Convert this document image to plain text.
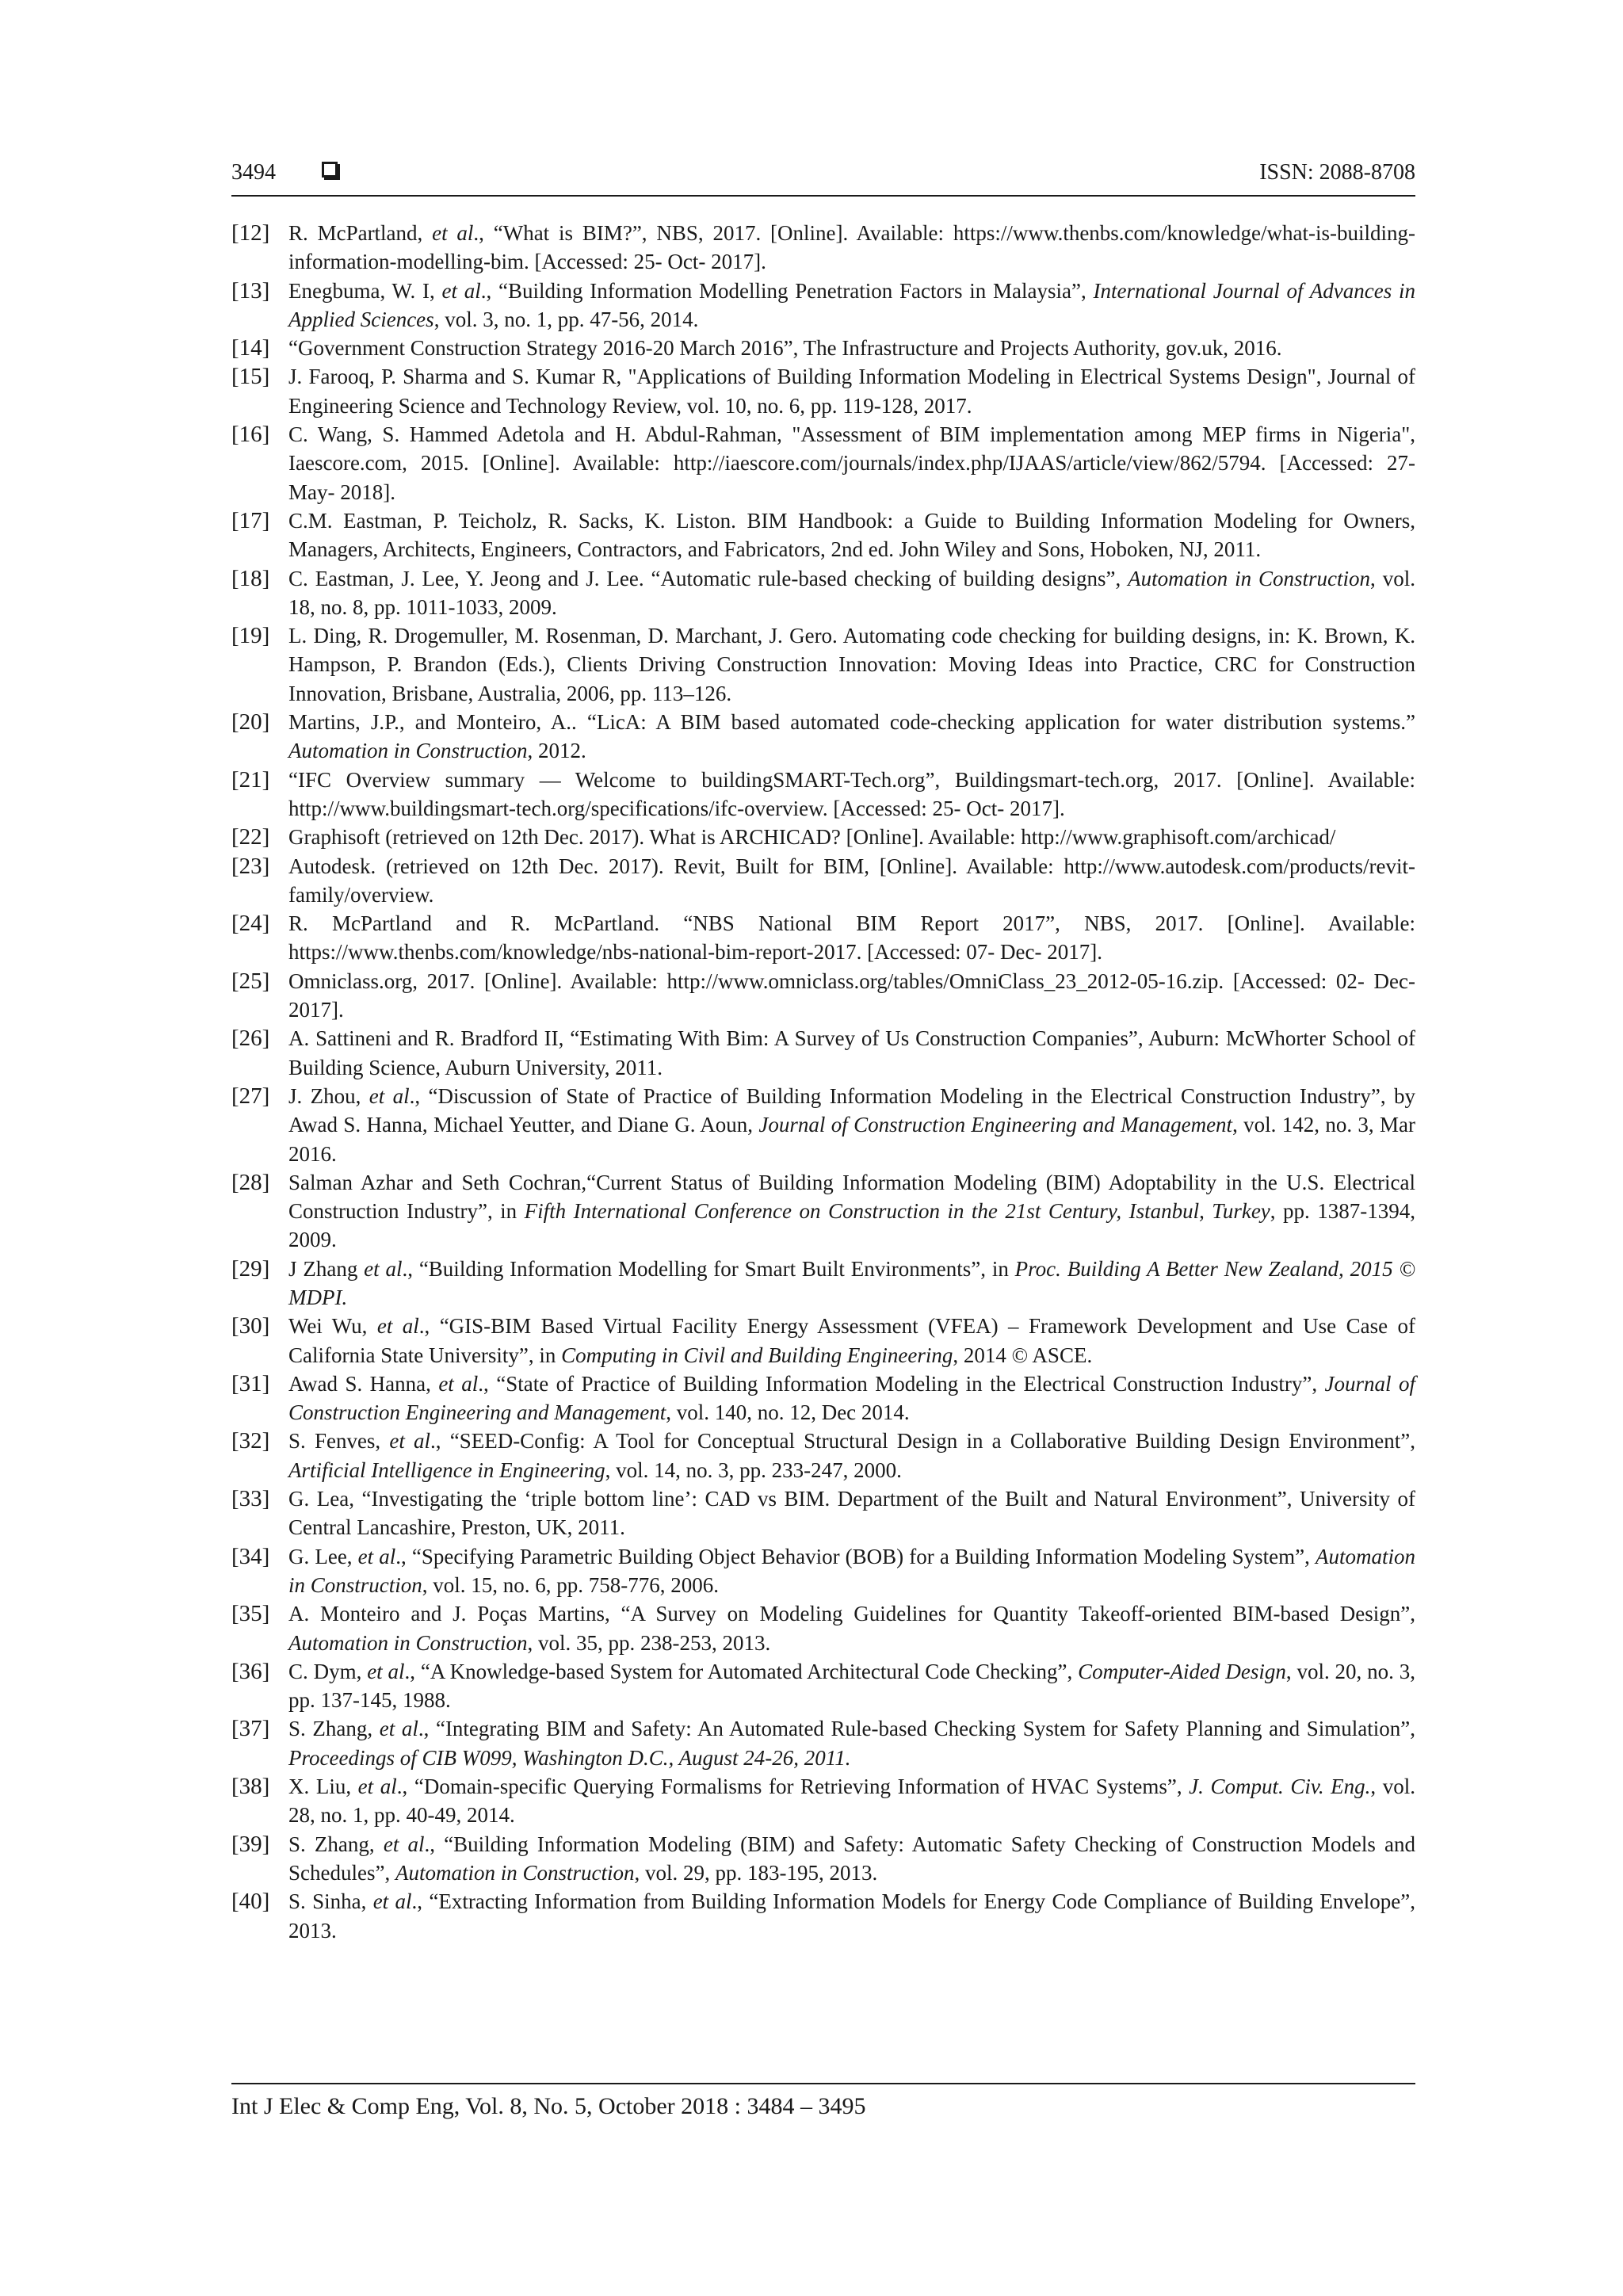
3494	ISSN: 2088-8708
[12] R. McPartland, et al., “What is BIM?”, NBS, 2017. [Online]. Available: https://www.thenbs.com/knowledge/what-is-building-information-modelling-bim. [Accessed: 25- Oct- 2017].
[13] Enegbuma, W. I, et al., “Building Information Modelling Penetration Factors in Malaysia”, International Journal of Advances in Applied Sciences, vol. 3, no. 1, pp. 47-56, 2014.
[14] “Government Construction Strategy 2016-20 March 2016”, The Infrastructure and Projects Authority, gov.uk, 2016.
[15] J. Farooq, P. Sharma and S. Kumar R, "Applications of Building Information Modeling in Electrical Systems Design", Journal of Engineering Science and Technology Review, vol. 10, no. 6, pp. 119-128, 2017.
[16] C. Wang, S. Hammed Adetola and H. Abdul-Rahman, "Assessment of BIM implementation among MEP firms in Nigeria", Iaescore.com, 2015. [Online]. Available: http://iaescore.com/journals/index.php/IJAAS/article/view/862/5794. [Accessed: 27- May- 2018].
[17] C.M. Eastman, P. Teicholz, R. Sacks, K. Liston. BIM Handbook: a Guide to Building Information Modeling for Owners, Managers, Architects, Engineers, Contractors, and Fabricators, 2nd ed. John Wiley and Sons, Hoboken, NJ, 2011.
[18] C. Eastman, J. Lee, Y. Jeong and J. Lee. “Automatic rule-based checking of building designs”, Automation in Construction, vol. 18, no. 8, pp. 1011-1033, 2009.
[19] L. Ding, R. Drogemuller, M. Rosenman, D. Marchant, J. Gero. Automating code checking for building designs, in: K. Brown, K. Hampson, P. Brandon (Eds.), Clients Driving Construction Innovation: Moving Ideas into Practice, CRC for Construction Innovation, Brisbane, Australia, 2006, pp. 113–126.
[20] Martins, J.P., and Monteiro, A.. “LicA: A BIM based automated code-checking application for water distribution systems.” Automation in Construction, 2012.
[21] “IFC Overview summary — Welcome to buildingSMART-Tech.org”, Buildingsmart-tech.org, 2017. [Online]. Available: http://www.buildingsmart-tech.org/specifications/ifc-overview. [Accessed: 25- Oct- 2017].
[22] Graphisoft (retrieved on 12th Dec. 2017). What is ARCHICAD? [Online]. Available: http://www.graphisoft.com/archicad/
[23] Autodesk. (retrieved on 12th Dec. 2017). Revit, Built for BIM, [Online]. Available: http://www.autodesk.com/products/revit-family/overview.
[24] R. McPartland and R. McPartland. “NBS National BIM Report 2017”, NBS, 2017. [Online]. Available: https://www.thenbs.com/knowledge/nbs-national-bim-report-2017. [Accessed: 07- Dec- 2017].
[25] Omniclass.org, 2017. [Online]. Available: http://www.omniclass.org/tables/OmniClass_23_2012-05-16.zip. [Accessed: 02- Dec- 2017].
[26] A. Sattineni and R. Bradford II, “Estimating With Bim: A Survey of Us Construction Companies”, Auburn: McWhorter School of Building Science, Auburn University, 2011.
[27] J. Zhou, et al., “Discussion of State of Practice of Building Information Modeling in the Electrical Construction Industry”, by Awad S. Hanna, Michael Yeutter, and Diane G. Aoun, Journal of Construction Engineering and Management, vol. 142, no. 3, Mar 2016.
[28] Salman Azhar and Seth Cochran,“Current Status of Building Information Modeling (BIM) Adoptability in the U.S. Electrical Construction Industry”, in Fifth International Conference on Construction in the 21st Century, Istanbul, Turkey, pp. 1387-1394, 2009.
[29] J Zhang et al., “Building Information Modelling for Smart Built Environments”, in Proc. Building A Better New Zealand, 2015 © MDPI.
[30] Wei Wu, et al., “GIS-BIM Based Virtual Facility Energy Assessment (VFEA) – Framework Development and Use Case of California State University”, in Computing in Civil and Building Engineering, 2014 © ASCE.
[31] Awad S. Hanna, et al., “State of Practice of Building Information Modeling in the Electrical Construction Industry”, Journal of Construction Engineering and Management, vol. 140, no. 12, Dec 2014.
[32] S. Fenves, et al., “SEED-Config: A Tool for Conceptual Structural Design in a Collaborative Building Design Environment”, Artificial Intelligence in Engineering, vol. 14, no. 3, pp. 233-247, 2000.
[33] G. Lea, “Investigating the ‘triple bottom line’: CAD vs BIM. Department of the Built and Natural Environment”, University of Central Lancashire, Preston, UK, 2011.
[34] G. Lee, et al., “Specifying Parametric Building Object Behavior (BOB) for a Building Information Modeling System”, Automation in Construction, vol. 15, no. 6, pp. 758-776, 2006.
[35] A. Monteiro and J. Poças Martins, “A Survey on Modeling Guidelines for Quantity Takeoff-oriented BIM-based Design”, Automation in Construction, vol. 35, pp. 238-253, 2013.
[36] C. Dym, et al., “A Knowledge-based System for Automated Architectural Code Checking”, Computer-Aided Design, vol. 20, no. 3, pp. 137-145, 1988.
[37] S. Zhang, et al., “Integrating BIM and Safety: An Automated Rule-based Checking System for Safety Planning and Simulation”, Proceedings of CIB W099, Washington D.C., August 24-26, 2011.
[38] X. Liu, et al., “Domain-specific Querying Formalisms for Retrieving Information of HVAC Systems”, J. Comput. Civ. Eng., vol. 28, no. 1, pp. 40-49, 2014.
[39] S. Zhang, et al., “Building Information Modeling (BIM) and Safety: Automatic Safety Checking of Construction Models and Schedules”, Automation in Construction, vol. 29, pp. 183-195, 2013.
[40] S. Sinha, et al., “Extracting Information from Building Information Models for Energy Code Compliance of Building Envelope”, 2013.
Int J Elec & Comp Eng, Vol. 8, No. 5, October 2018 : 3484 – 3495
